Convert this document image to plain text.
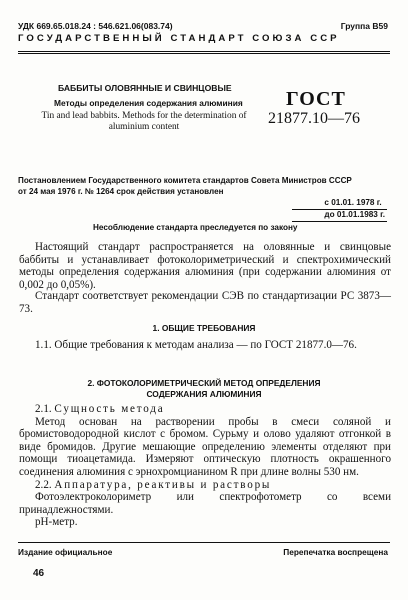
УДК 669.65.018.24 : 546.621.06(083.74)	Группа В59
ГОСУДАРСТВЕННЫЙ СТАНДАРТ СОЮЗА ССР
БАББИТЫ ОЛОВЯННЫЕ И СВИНЦОВЫЕ
Методы определения содержания алюминия
Tin and lead babbits. Methods for the determination of aluminium content
ГОСТ
21877.10—76
Постановлением Государственного комитета стандартов Совета Министров СССР
от 24 мая 1976 г. № 1264 срок действия установлен
с 01.01. 1978 г.
до 01.01.1983 г.
Несоблюдение стандарта преследуется по закону

Настоящий стандарт распространяется на оловянные и свинцовые баббиты и устанавливает фотоколориметрический и спектрохимический методы определения содержания алюминия (при содержании алюминия от 0,002 до 0,05%).

Стандарт соответствует рекомендации СЭВ по стандартизации РС 3873—73.

1. ОБЩИЕ ТРЕБОВАНИЯ

1.1. Общие требования к методам анализа — по ГОСТ 21877.0—76.

2. ФОТОКОЛОРИМЕТРИЧЕСКИЙ МЕТОД ОПРЕДЕЛЕНИЯ
СОДЕРЖАНИЯ АЛЮМИНИЯ

2.1. Сущность метода

Метод основан на растворении пробы в смеси соляной и бромистоводородной кислот с бромом. Сурьму и олово удаляют отгонкой в виде бромидов. Другие мешающие определению элементы отделяют при помощи тиоацетамида. Измеряют оптическую плотность окрашенного соединения алюминия с эрнохромцианином R при длине волны 530 нм.

2.2. Аппаратура, реактивы и растворы

Фотоэлектроколориметр или спектрофотометр со всеми принадлежностями.

рН-метр.

Издание официальное	Перепечатка воспрещена
46
